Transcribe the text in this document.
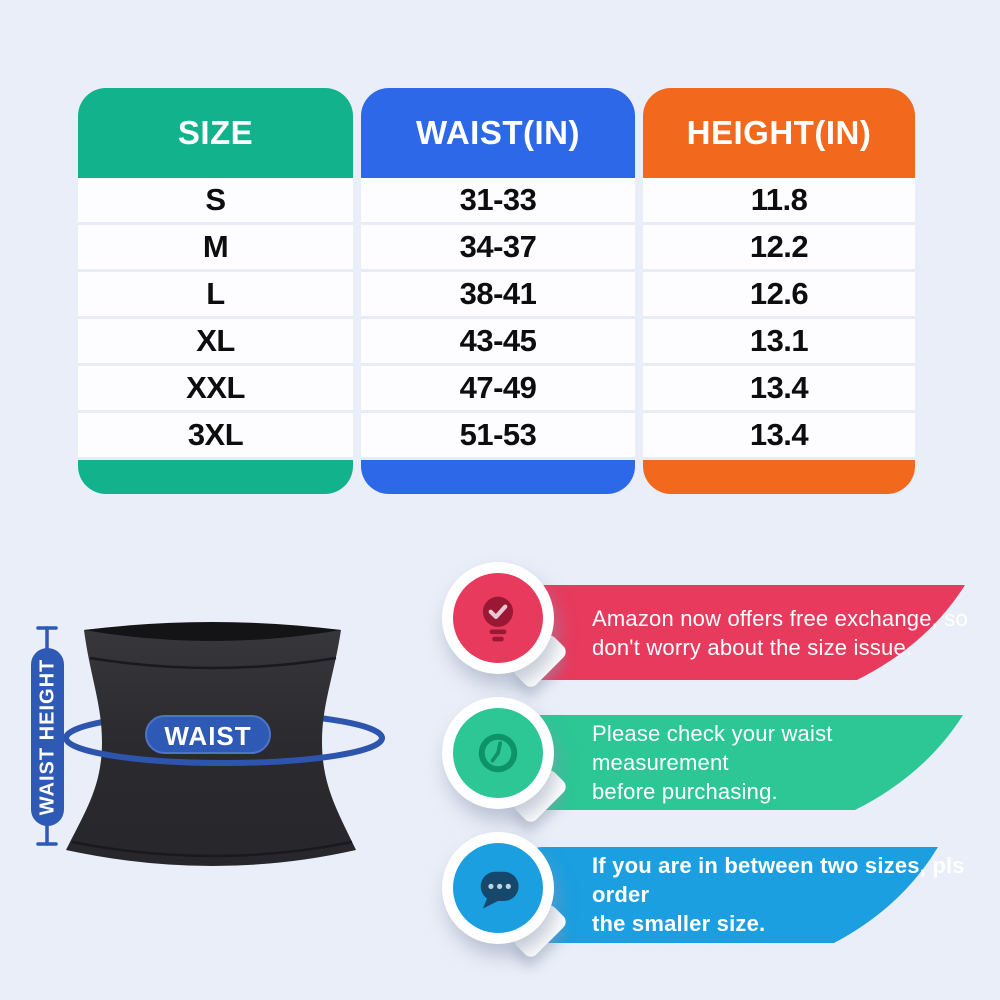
SIZE
S
M
L
XL
XXL
3XL
WAIST(IN)
31-33
34-37
38-41
43-45
47-49
51-53
HEIGHT(IN)
11.8
12.2
12.6
13.1
13.4
13.4
WAIST
WAIST HEIGHT
Amazon now offers free exchange, so
don't worry about the size issue.
Please check your waist measurement
before purchasing.
If you are in between two sizes, pls order
the smaller size.
